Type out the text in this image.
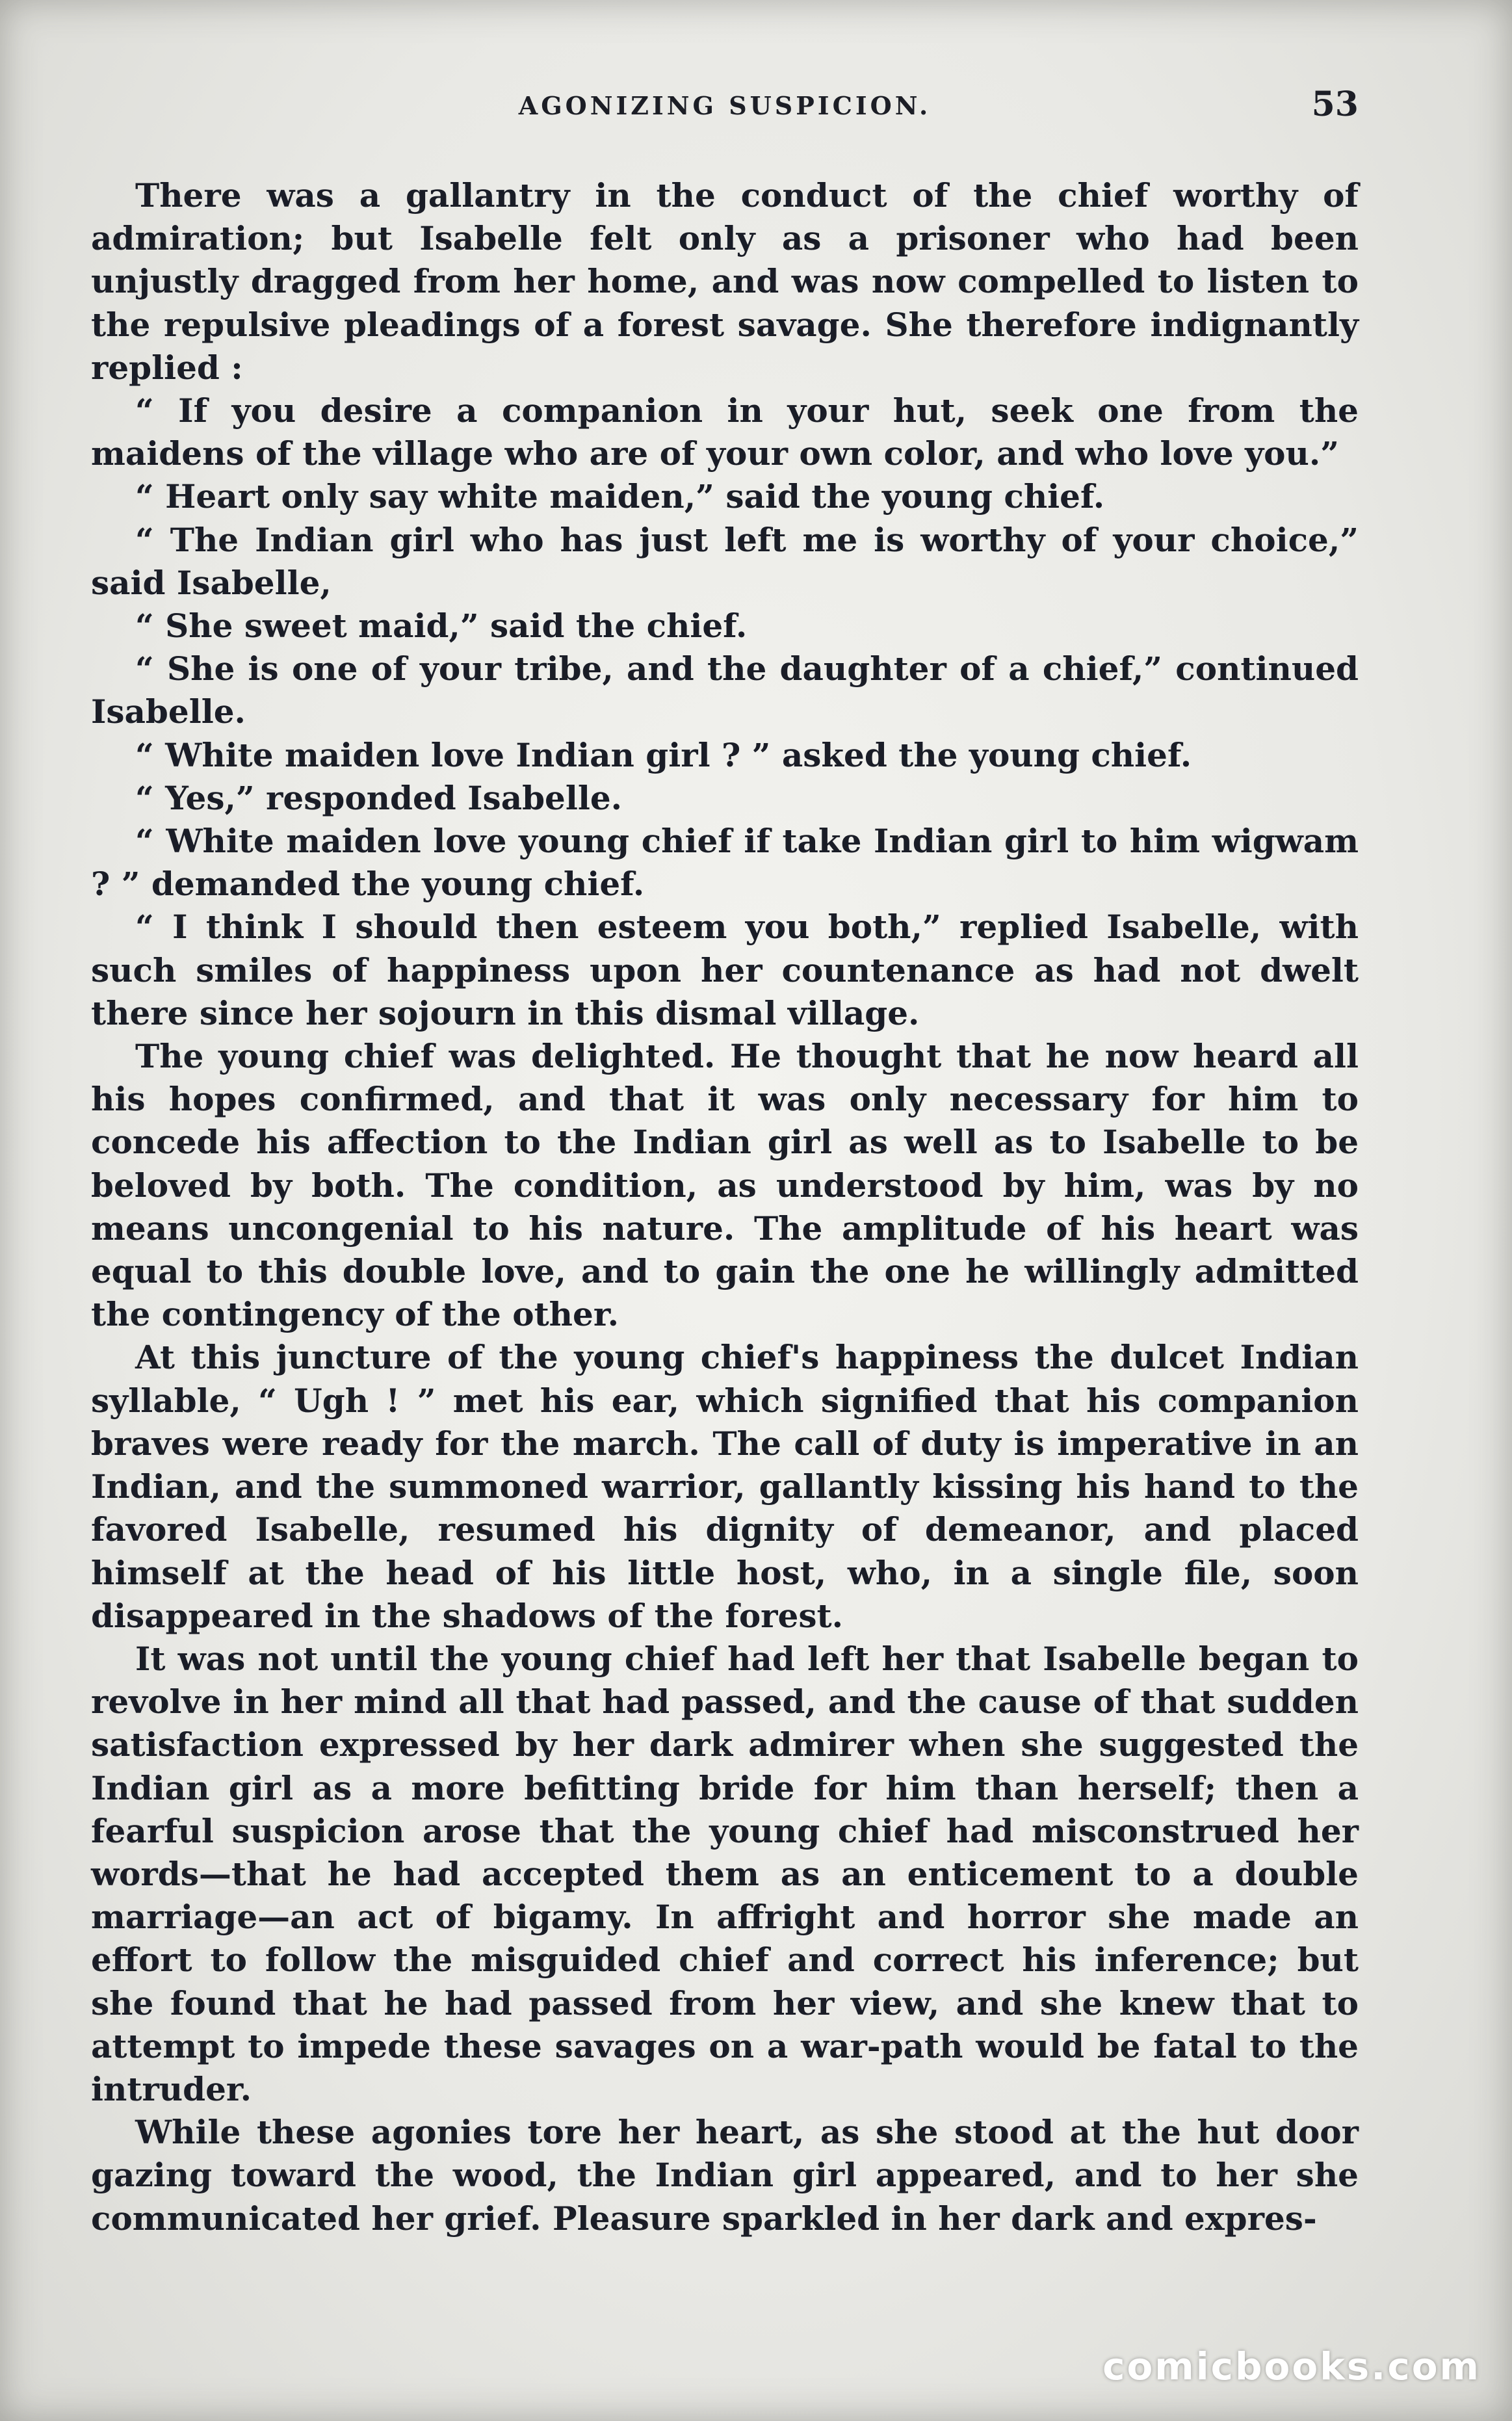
AGONIZING SUSPICION.	53

There was a gallantry in the conduct of the chief worthy of admiration; but Isabelle felt only as a prisoner who had been unjustly dragged from her home, and was now compelled to listen to the repulsive pleadings of a forest savage. She therefore indignantly replied :

“ If you desire a companion in your hut, seek one from the maidens of the village who are of your own color, and who love you.”

“ Heart only say white maiden,” said the young chief.

“ The Indian girl who has just left me is worthy of your choice,” said Isabelle,

“ She sweet maid,” said the chief.

“ She is one of your tribe, and the daughter of a chief,” continued Isabelle.

“ White maiden love Indian girl ? ” asked the young chief.

“ Yes,” responded Isabelle.

“ White maiden love young chief if take Indian girl to him wigwam ? ” demanded the young chief.

“ I think I should then esteem you both,” replied Isabelle, with such smiles of happiness upon her countenance as had not dwelt there since her sojourn in this dismal village.

The young chief was delighted. He thought that he now heard all his hopes confirmed, and that it was only necessary for him to concede his affection to the Indian girl as well as to Isabelle to be beloved by both. The condition, as understood by him, was by no means uncongenial to his nature. The amplitude of his heart was equal to this double love, and to gain the one he willingly admitted the contingency of the other.

At this juncture of the young chief's happiness the dulcet Indian syllable, “ Ugh ! ” met his ear, which signified that his companion braves were ready for the march. The call of duty is imperative in an Indian, and the summoned warrior, gallantly kissing his hand to the favored Isabelle, resumed his dignity of demeanor, and placed himself at the head of his little host, who, in a single file, soon disappeared in the shadows of the forest.

It was not until the young chief had left her that Isabelle began to revolve in her mind all that had passed, and the cause of that sudden satisfaction expressed by her dark admirer when she suggested the Indian girl as a more befitting bride for him than herself; then a fearful suspicion arose that the young chief had misconstrued her words—that he had accepted them as an enticement to a double marriage—an act of bigamy. In affright and horror she made an effort to follow the misguided chief and correct his inference; but she found that he had passed from her view, and she knew that to attempt to impede these savages on a war-path would be fatal to the intruder.

While these agonies tore her heart, as she stood at the hut door gazing toward the wood, the Indian girl appeared, and to her she communicated her grief. Pleasure sparkled in her dark and expres-

comicbooks.com
